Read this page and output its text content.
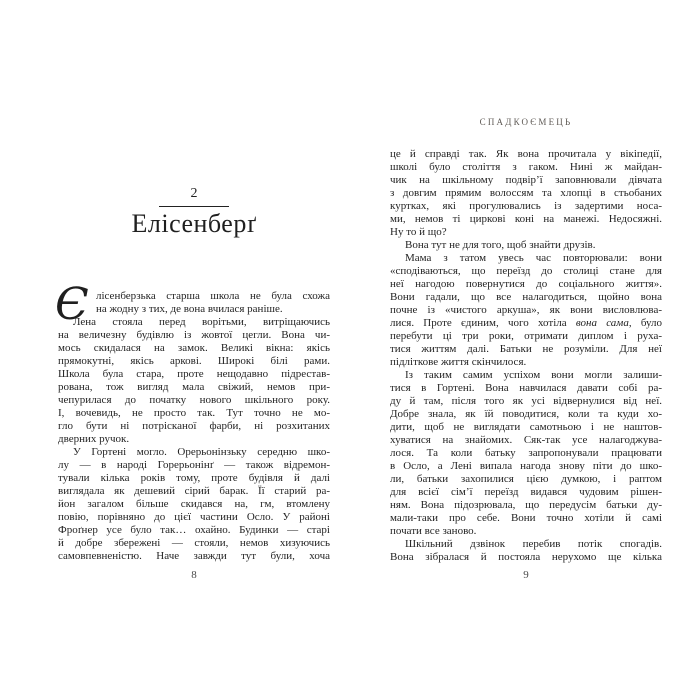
2
Елісенберґ
Є лісенберзька старша школа не була схожа
на жодну з тих, де вона вчилася раніше.
Лена стояла перед ворітьми, витріщаючись
на величезну будівлю із жовтої цегли. Вона чи-
мось скидалася на замок. Великі вікна: якісь
прямокутні, якісь аркові. Широкі білі рами.
Школа була стара, проте нещодавно підрестав-
рована, тож вигляд мала свіжий, немов при-
чепурилася до початку нового шкільного року.
І, вочевидь, не просто так. Тут точно не мо-
гло бути ні потрісканої фарби, ні розхитаних
дверних ручок.
У Гортені могло. Орерьонінзьку середню шко-
лу — в народі Горерьонінґ — також відремон-
тували кілька років тому, проте будівля й далі
виглядала як дешевий сірий барак. Її старий ра-
йон загалом більше скидався на, гм, втомлену
повію, порівняно до цієї частини Осло. У районі
Фроґнер усе було так… охайно. Будинки — старі
й добре збережені — стояли, немов хизуючись
самовпевненістю. Наче завжди тут були, хоча
8
СПАДКОЄМЕЦЬ
це й справді так. Як вона прочитала у вікіпедії,
школі було століття з гаком. Нині ж майдан-
чик на шкільному подвір’ї заповнювали дівчата
з довгим прямим волоссям та хлопці в стьобаних
куртках, які прогулювались із задертими носа-
ми, немов ті циркові коні на манежі. Недосяжні.
Ну то й що?
Вона тут не для того, щоб знайти друзів.
Мама з татом увесь час повторювали: вони
«сподіваються, що переїзд до столиці стане для
неї нагодою повернутися до соціального життя».
Вони гадали, що все налагодиться, щойно вона
почне із «чистого аркуша», як вони висловлюва-
лися. Проте єдиним, чого хотіла вона сама, було
перебути ці три роки, отримати диплом і руха-
тися життям далі. Батьки не розуміли. Для неї
підліткове життя скінчилося.
Із таким самим успіхом вони могли залиши-
тися в Гортені. Вона навчилася давати собі ра-
ду й там, після того як усі відвернулися від неї.
Добре знала, як їй поводитися, коли та куди хо-
дити, щоб не виглядати самотньою і не наштов-
хуватися на знайомих. Сяк-так усе налагоджува-
лося. Та коли батьку запропонували працювати
в Осло, а Лені випала нагода знову піти до шко-
ли, батьки захопилися цією думкою, і раптом
для всієї сім’ї переїзд видався чудовим рішен-
ням. Вона підозрювала, що передусім батьки ду-
мали-таки про себе. Вони точно хотіли й самі
почати все заново.
Шкільний дзвінок перебив потік спогадів.
Вона зібралася й постояла нерухомо ще кілька
9
